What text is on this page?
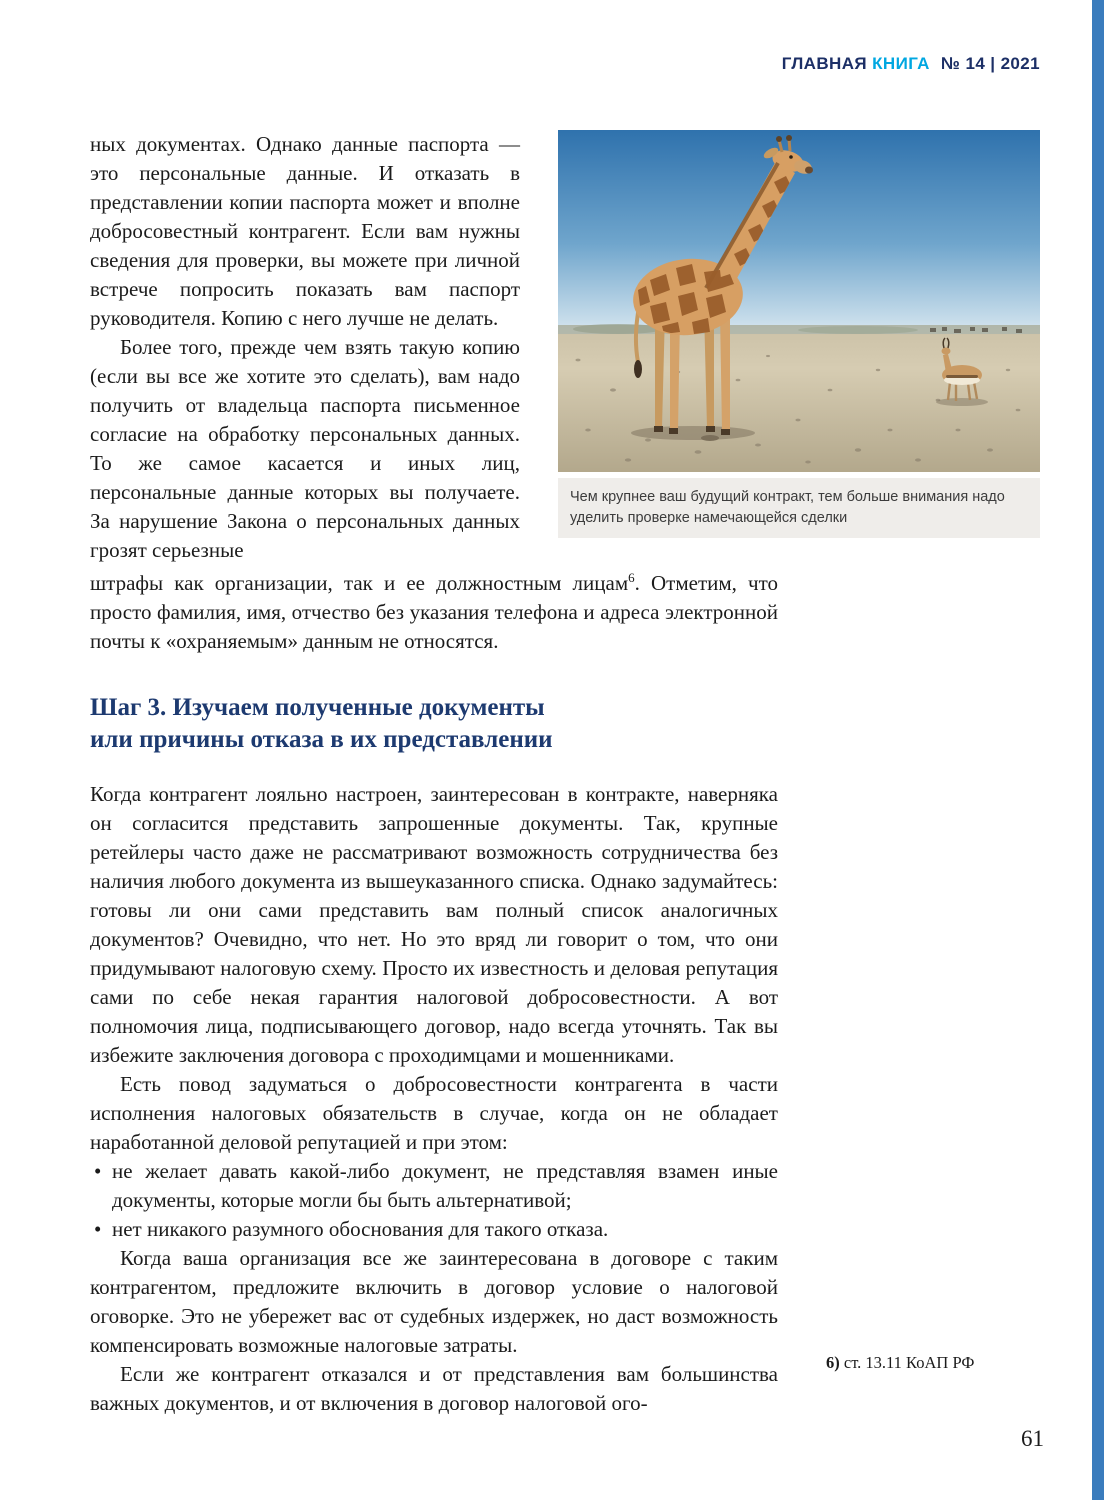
ГЛАВНАЯ КНИГА № 14 | 2021

ных документах. Однако данные паспорта — это персональные данные. И отказать в представлении копии паспорта может и вполне добросовестный контрагент. Если вам нужны сведения для проверки, вы можете при личной встрече попросить показать вам паспорт руководителя. Копию с него лучше не делать.

Более того, прежде чем взять такую копию (если вы все же хотите это сделать), вам надо получить от владельца паспорта письменное согласие на обработку персональных данных. То же самое касается и иных лиц, персональные данные которых вы получаете. За нарушение Закона о персональных данных грозят серьезные

Чем крупнее ваш будущий контракт, тем больше внимания надо уделить проверке намечающейся сделки

штрафы как организации, так и ее должностным лицам$^6$. Отметим, что просто фамилия, имя, отчество без указания телефона и адреса электронной почты к «охраняемым» данным не относятся.

Шаг 3. Изучаем полученные документы
или причины отказа в их представлении

Когда контрагент лояльно настроен, заинтересован в контракте, наверняка он согласится представить запрошенные документы. Так, крупные ретейлеры часто даже не рассматривают возможность сотрудничества без наличия любого документа из вышеуказанного списка. Однако задумайтесь: готовы ли они сами представить вам полный список аналогичных документов? Очевидно, что нет. Но это вряд ли говорит о том, что они придумывают налоговую схему. Просто их известность и деловая репутация сами по себе некая гарантия налоговой добросовестности. А вот полномочия лица, подписывающего договор, надо всегда уточнять. Так вы избежите заключения договора с проходимцами и мошенниками.

Есть повод задуматься о добросовестности контрагента в части исполнения налоговых обязательств в случае, когда он не обладает наработанной деловой репутацией и при этом:

• не желает давать какой-либо документ, не представляя взамен иные документы, которые могли бы быть альтернативой;
• нет никакого разумного обоснования для такого отказа.

Когда ваша организация все же заинтересована в договоре с таким контрагентом, предложите включить в договор условие о налоговой оговорке. Это не убережет вас от судебных издержек, но даст возможность компенсировать возможные налоговые затраты.

Если же контрагент отказался и от представления вам большинства важных документов, и от включения в договор налоговой ого-

6) ст. 13.11 КоАП РФ
61
